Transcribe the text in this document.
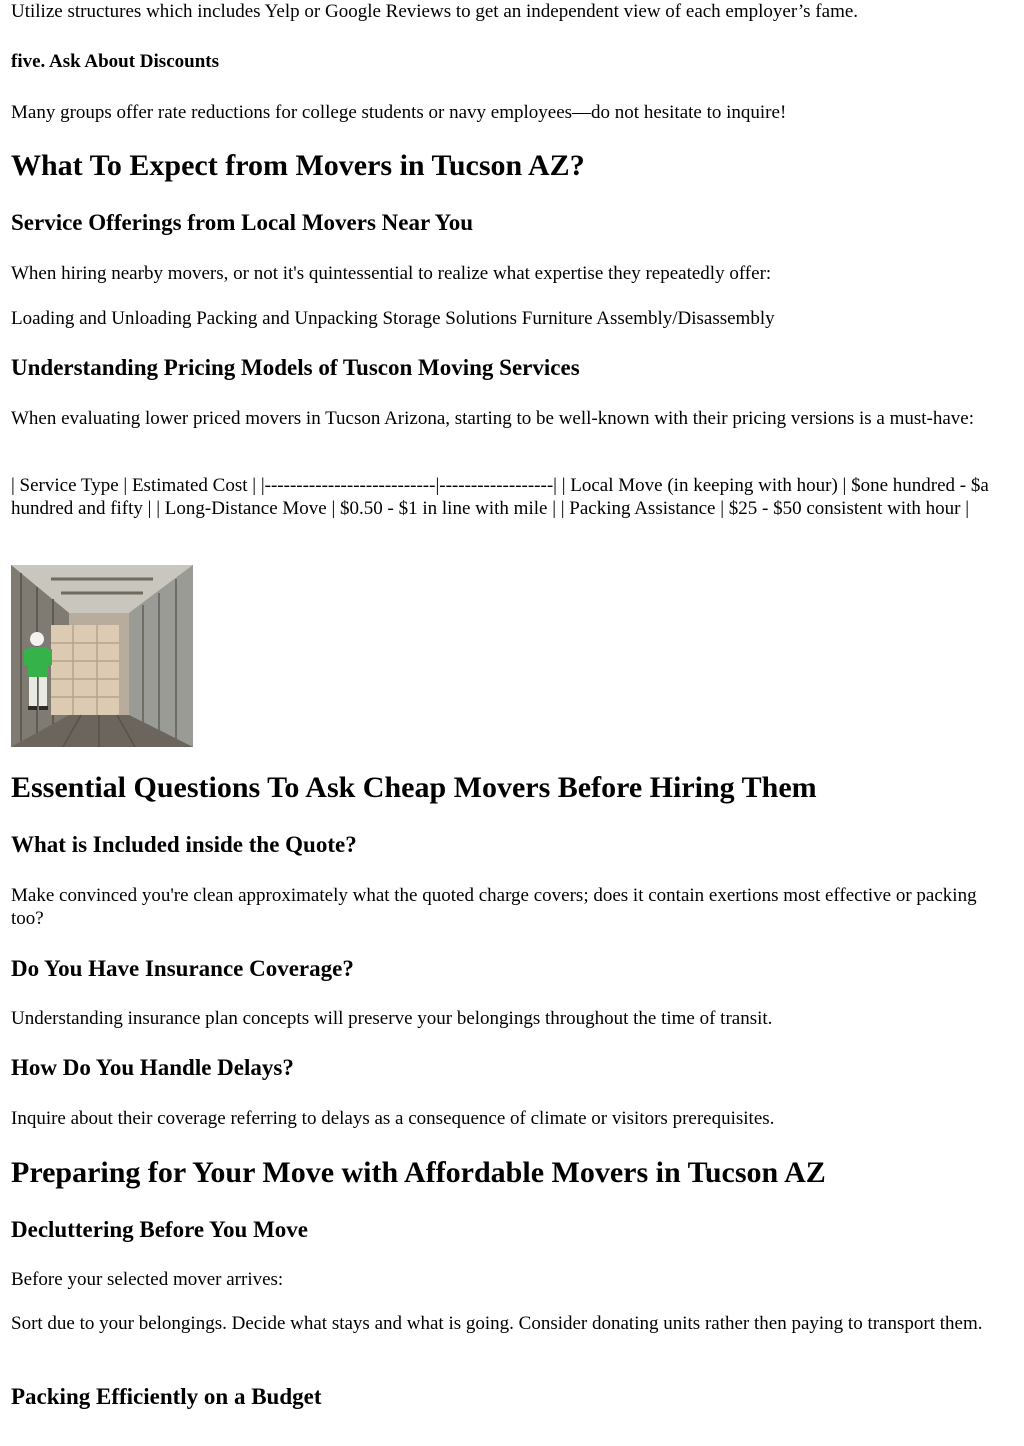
Utilize structures which includes Yelp or Google Reviews to get an independent view of each employer’s fame.

five. Ask About Discounts

Many groups offer rate reductions for college students or navy employees—do not hesitate to inquire!

What To Expect from Movers in Tucson AZ?
Service Offerings from Local Movers Near You

When hiring nearby movers, or not it's quintessential to realize what expertise they repeatedly offer:

Loading and Unloading Packing and Unpacking Storage Solutions Furniture Assembly/Disassembly

Understanding Pricing Models of Tuscon Moving Services

When evaluating lower priced movers in Tucson Arizona, starting to be well-known with their pricing versions is a must-have:

| Service Type | Estimated Cost | |---------------------------|------------------| | Local Move (in keeping with hour) | $one hundred - $a hundred and fifty | | Long-Distance Move | $0.50 - $1 in line with mile | | Packing Assistance | $25 - $50 consistent with hour |

Essential Questions To Ask Cheap Movers Before Hiring Them
What is Included inside the Quote?

Make convinced you're clean approximately what the quoted charge covers; does it contain exertions most effective or packing too?

Do You Have Insurance Coverage?

Understanding insurance plan concepts will preserve your belongings throughout the time of transit.

How Do You Handle Delays?

Inquire about their coverage referring to delays as a consequence of climate or visitors prerequisites.

Preparing for Your Move with Affordable Movers in Tucson AZ
Decluttering Before You Move

Before your selected mover arrives:

Sort due to your belongings. Decide what stays and what is going. Consider donating units rather then paying to transport them.

Packing Efficiently on a Budget
